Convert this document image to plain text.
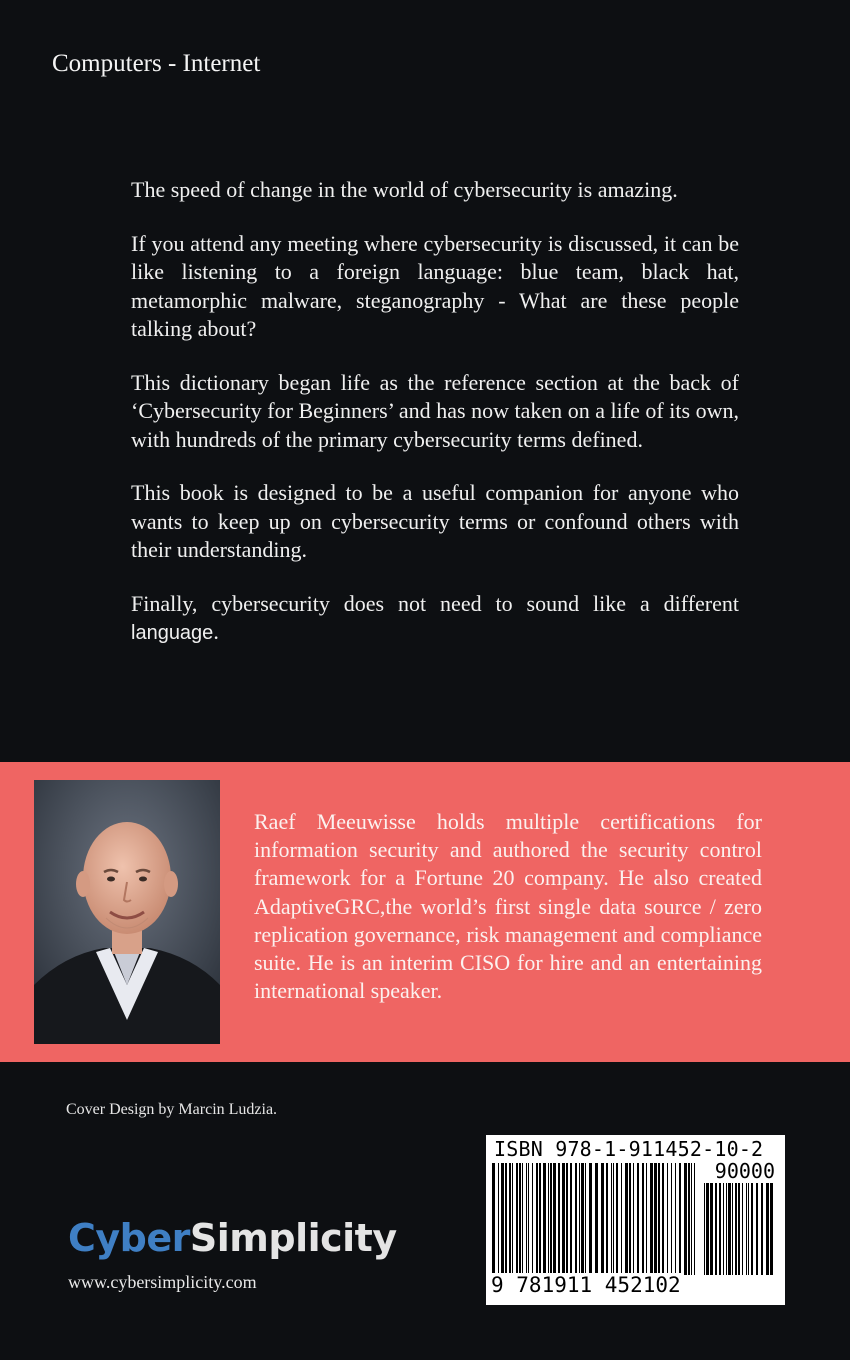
Computers - Internet

The speed of change in the world of cybersecurity is amazing.

If you attend any meeting where cybersecurity is discussed, it can be like listening to a foreign language: blue team, black hat, metamorphic malware, steganography - What are these people talking about?

This dictionary began life as the reference section at the back of ‘Cybersecurity for Beginners’ and has now taken on a life of its own, with hundreds of the primary cybersecurity terms defined.

This book is designed to be a useful companion for anyone who wants to keep up on cybersecurity terms or confound others with their understanding.

Finally, cybersecurity does not need to sound like a different language.

Raef Meeuwisse holds multiple certifications for information security and authored the security control framework for a Fortune 20 company. He also created AdaptiveGRC,the world’s first single data source / zero replication governance, risk management and compliance suite. He is an interim CISO for hire and an entertaining international speaker.
Cover Design by Marcin Ludzia.
CyberSimplicity
www.cybersimplicity.com
ISBN 978-1-911452-10-2
90000
9 781911 452102
